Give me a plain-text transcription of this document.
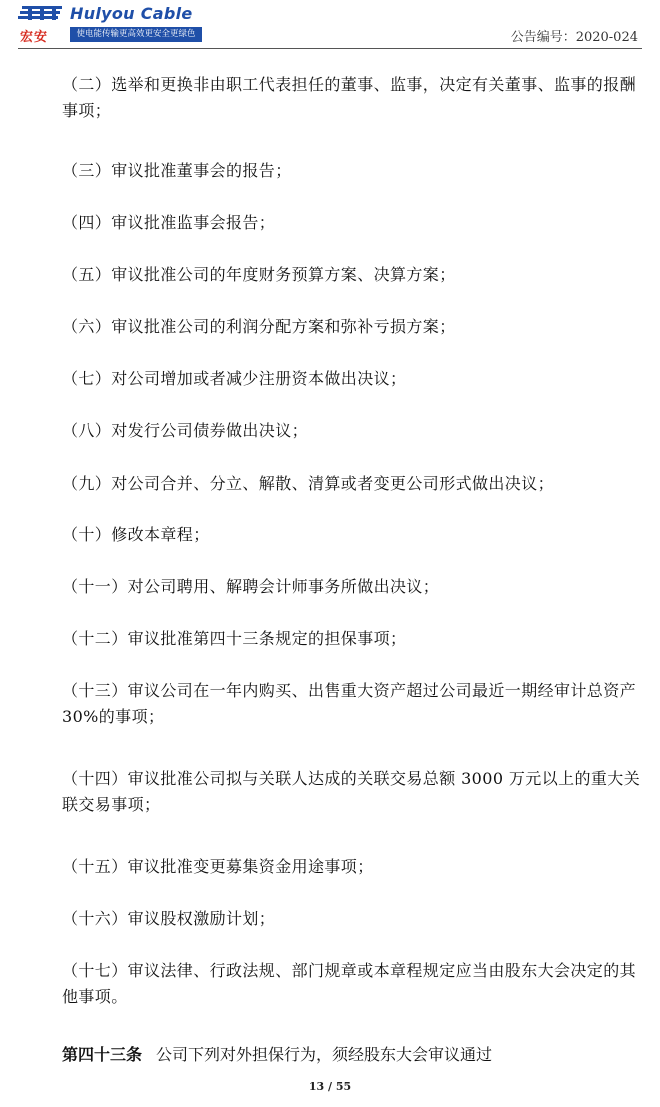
宏安
Hulyou Cable
使电能传输更高效更安全更绿色	公告编号：2020-024
（二）选举和更换非由职工代表担任的董事、监事，决定有关董事、监事的报酬事项；
（三）审议批准董事会的报告；
（四）审议批准监事会报告；
（五）审议批准公司的年度财务预算方案、决算方案；
（六）审议批准公司的利润分配方案和弥补亏损方案；
（七）对公司增加或者减少注册资本做出决议；
（八）对发行公司债券做出决议；
（九）对公司合并、分立、解散、清算或者变更公司形式做出决议；
（十）修改本章程；
（十一）对公司聘用、解聘会计师事务所做出决议；
（十二）审议批准第四十三条规定的担保事项；
（十三）审议公司在一年内购买、出售重大资产超过公司最近一期经审计总资产 30%的事项；
（十四）审议批准公司拟与关联人达成的关联交易总额 3000 万元以上的重大关联交易事项；
（十五）审议批准变更募集资金用途事项；
（十六）审议股权激励计划；
（十七）审议法律、行政法规、部门规章或本章程规定应当由股东大会决定的其他事项。
第四十三条 公司下列对外担保行为，须经股东大会审议通过
13 / 55
